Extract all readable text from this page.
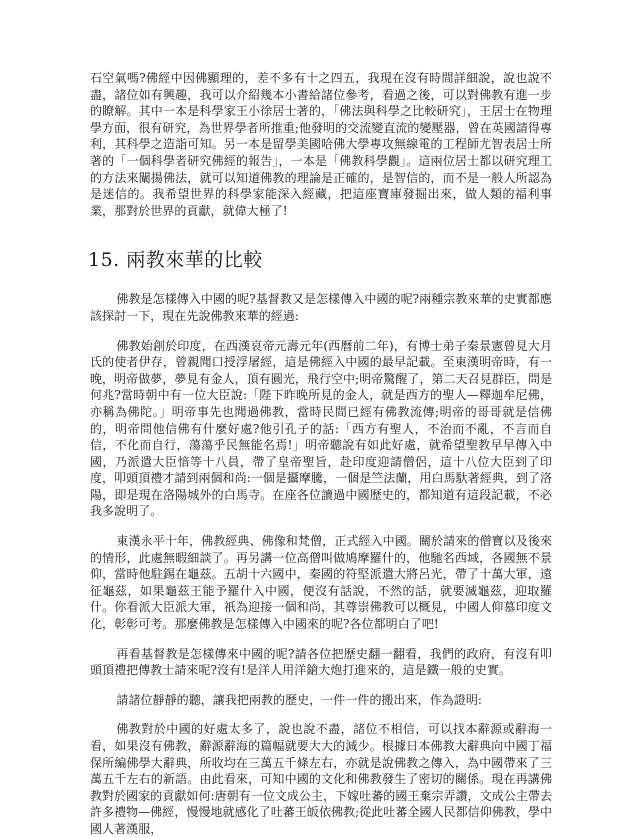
石空氣嗎?佛經中因佛顯理的，差不多有十之四五，我現在沒有時間詳細說，說也說不盡，諸位如有興趣，我可以介紹幾本小書給諸位參考，看過之後，可以對佛教有進一步的瞭解。其中一本是科學家王小徐居士著的，「佛法與科學之比較研究」，王居士在物理學方面，很有研究，為世界學者所推重;他發明的交流變直流的變壓器，曾在英國請得專利，其科學之造詣可知。另一本是留學美國哈佛大學專攻無線電的工程師尤智表居士所著的「一個科學者研究佛經的報告」，一本是「佛教科學觀」。這兩位居士都以研究理工的方法來闡揚佛法，就可以知道佛教的理論是正確的，是智信的，而不是一般人所認為是迷信的。我希望世界的科學家能深入經藏，把這座寶庫發掘出來，做人類的福利事業，那對於世界的貢獻，就偉大極了!

15. 兩教來華的比較

佛教是怎樣傳入中國的呢?基督教又是怎樣傳入中國的呢?兩種宗教來華的史實都應該探討一下，現在先說佛教來華的經過:

佛教始創於印度，在西漢哀帝元壽元年(西曆前二年)，有博士弟子秦景憲曾見大月氏的使者伊存，曾親聞口授浮屠經，這是佛經入中國的最早記載。至東漢明帝時，有一晚，明帝做夢，夢見有金人，頂有圓光，飛行空中;明帝驚醒了，第二天召見群臣，問是何兆?當時朝中有一位大臣說:「陛下昨晚所見的金人，就是西方的聖人—釋迦牟尼佛，亦稱為佛陀。」明帝事先也聞過佛教，當時民間已經有佛教流傳;明帝的哥哥就是信佛的，明帝問他信佛有什麼好處?他引孔子的話:「西方有聖人，不治而不亂，不言而自信，不化而自行，蕩蕩乎民無能名焉!」明帝聽說有如此好處，就希望聖教早早傳入中國，乃派遣大臣愔等十八員，帶了皇帝聖旨，赴印度迎請僧侶，這十八位大臣到了印度，叩頭頂禮才請到兩個和尚:一個是攝摩騰，一個是竺法蘭，用白馬馱著經典，到了洛陽，即是現在洛陽城外的白馬寺。在座各位讀過中國歷史的，都知道有這段記載，不必我多說明了。

東漢永平十年，佛教經典、佛像和梵僧，正式經入中國。關於請來的僧寶以及後來的情形，此處無暇細談了。再另講一位高僧叫做鳩摩羅什的，他馳名西域，各國無不景仰，當時他駐錫在龜茲。五胡十六國中，秦國的符堅派遣大將呂光，帶了十萬大軍，遠征龜茲，如果龜茲王能予羅什入中國，便沒有話說，不然的話，就要滅龜茲，迎取羅什。你看派大臣派大軍，祇為迎接一個和尚，其尊崇佛教可以概見，中國人仰慕印度文化，彰彰可考。那麼佛教是怎樣傳入中國來的呢?各位都明白了吧!

再看基督教是怎樣傳來中國的呢?請各位把歷史翻一翻看，我們的政府，有沒有叩頭頂禮把傳教士請來呢?沒有!是洋人用洋鎗大炮打進來的，這是鐵一般的史實。

請諸位靜靜的聽，讓我把兩教的歷史，一件一件的搬出來，作為證明:

佛教對於中國的好處太多了，說也說不盡，諸位不相信，可以找本辭源或辭海一看，如果沒有佛教，辭源辭海的篇幅就要大大的減少。根據日本佛教大辭典向中國丁福保所編佛學大辭典，所收均在三萬五千條左右，亦就是說佛教之傳入，為中國帶來了三萬五千左右的新語。由此看來，可知中國的文化和佛教發生了密切的關係。現在再講佛教對於國家的貢獻如何:唐朝有一位文成公主，下嫁吐蕃的國王棄宗弄讚，文成公主帶去許多禮物—佛經，慢慢地就感化了吐蕃王皈依佛教;從此吐蕃全國人民都信仰佛教，學中國人著漢服，
